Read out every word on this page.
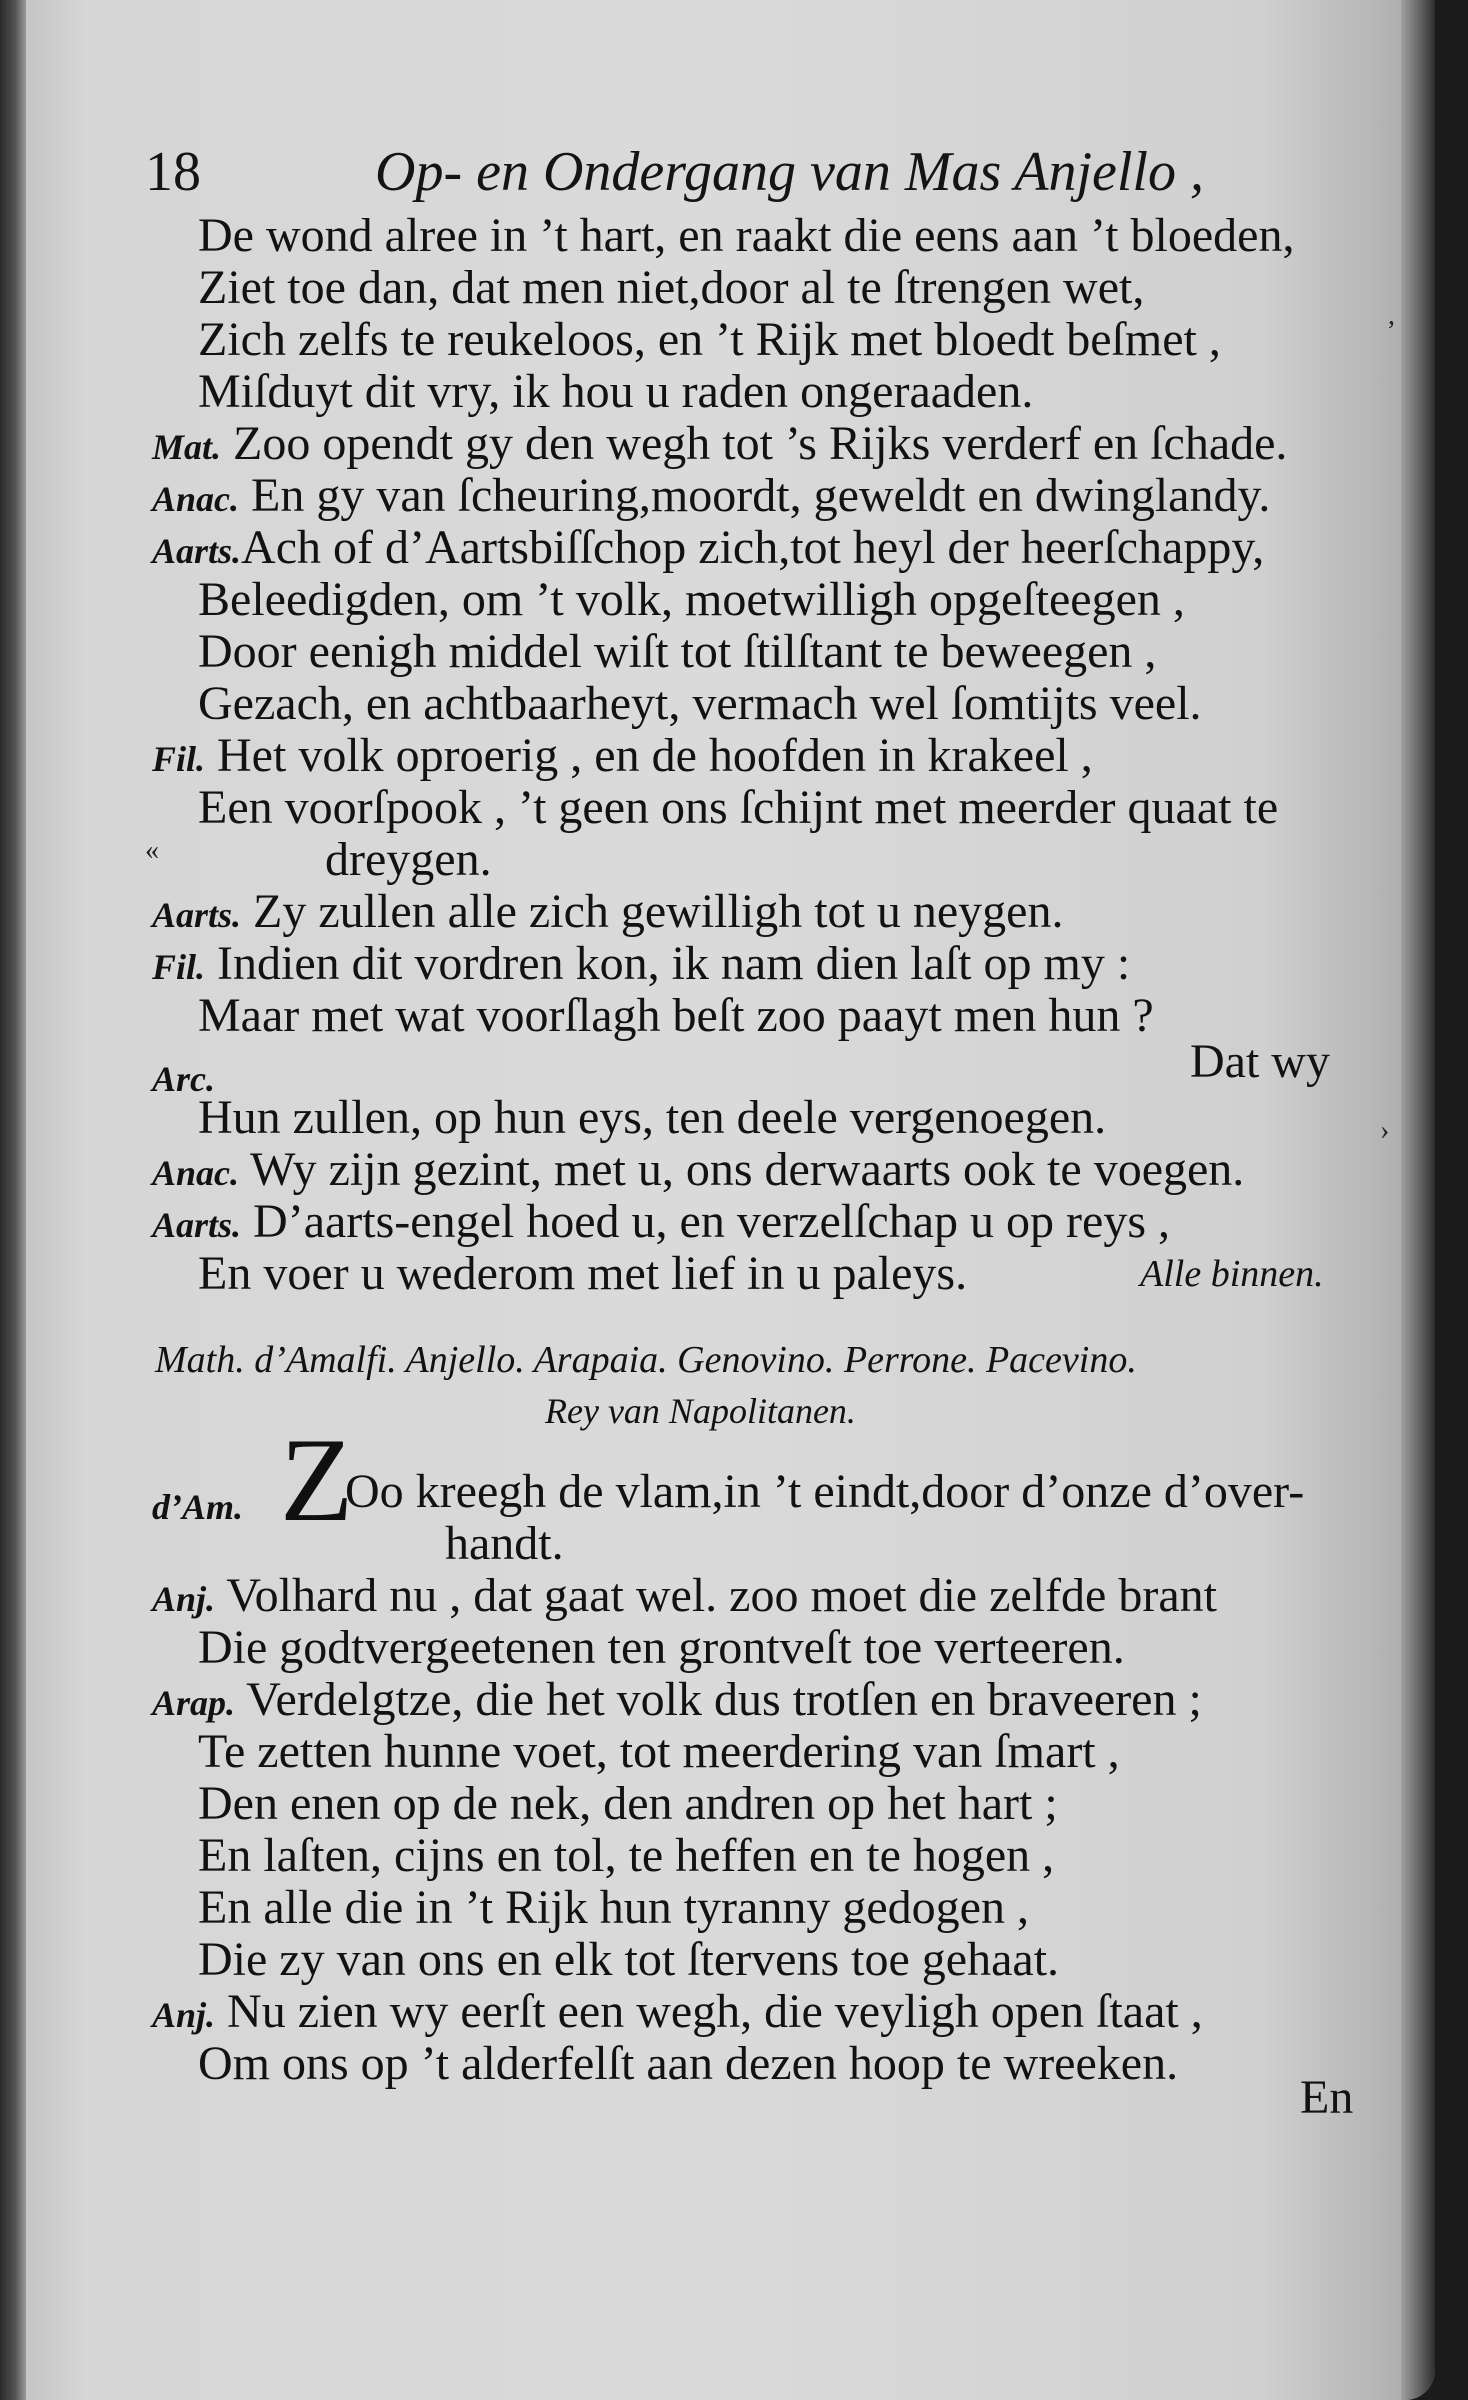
18	Op- en Ondergang van Mas Anjello ,
De wond alree in ’t hart, en raakt die eens aan ’t bloeden,
Ziet toe dan, dat men niet,door al te ſtrengen wet,
Zich zelfs te reukeloos, en ’t Rijk met bloedt beſmet ,
Miſduyt dit vry, ik hou u raden ongeraaden.
Mat. Zoo opendt gy den wegh tot ’s Rijks verderf en ſchade.
Anac. En gy van ſcheuring,moordt, geweldt en dwinglandy.
Aarts.Ach of d’Aartsbiſſchop zich,tot heyl der heerſchappy,
Beleedigden, om ’t volk, moetwilligh opgeſteegen ,
Door eenigh middel wiſt tot ſtilſtant te beweegen ,
Gezach, en achtbaarheyt, vermach wel ſomtijts veel.
Fil. Het volk oproerig , en de hoofden in krakeel ,
Een voorſpook , ’t geen ons ſchijnt met meerder quaat te
dreygen.
Aarts. Zy zullen alle zich gewilligh tot u neygen.
Fil. Indien dit vordren kon, ik nam dien laſt op my :
Maar met wat voorſlagh beſt zoo paayt men hun ?
Arc.	Dat wy
Hun zullen, op hun eys, ten deele vergenoegen.
Anac. Wy zijn gezint, met u, ons derwaarts ook te voegen.
Aarts. D’aarts-engel hoed u, en verzelſchap u op reys ,
En voer u wederom met lief in u paleys.	Alle binnen.
Math. d’Amalfi. Anjello. Arapaia. Genovino. Perrone. Pacevino.
Rey van Napolitanen.
d’Am. Z
Oo kreegh de vlam,in ’t eindt,door d’onze d’over-
handt.
Anj. Volhard nu , dat gaat wel. zoo moet die zelfde brant
Die godtvergeetenen ten grontveſt toe verteeren.
Arap. Verdelgtze, die het volk dus trotſen en braveeren ;
Te zetten hunne voet, tot meerdering van ſmart ,
Den enen op de nek, den andren op het hart ;
En laſten, cijns en tol, te heffen en te hogen ,
En alle die in ’t Rijk hun tyranny gedogen ,
Die zy van ons en elk tot ſtervens toe gehaat.
Anj. Nu zien wy eerſt een wegh, die veyligh open ſtaat ,
Om ons op ’t alderfelſt aan dezen hoop te wreeken.
En
,
«
›
